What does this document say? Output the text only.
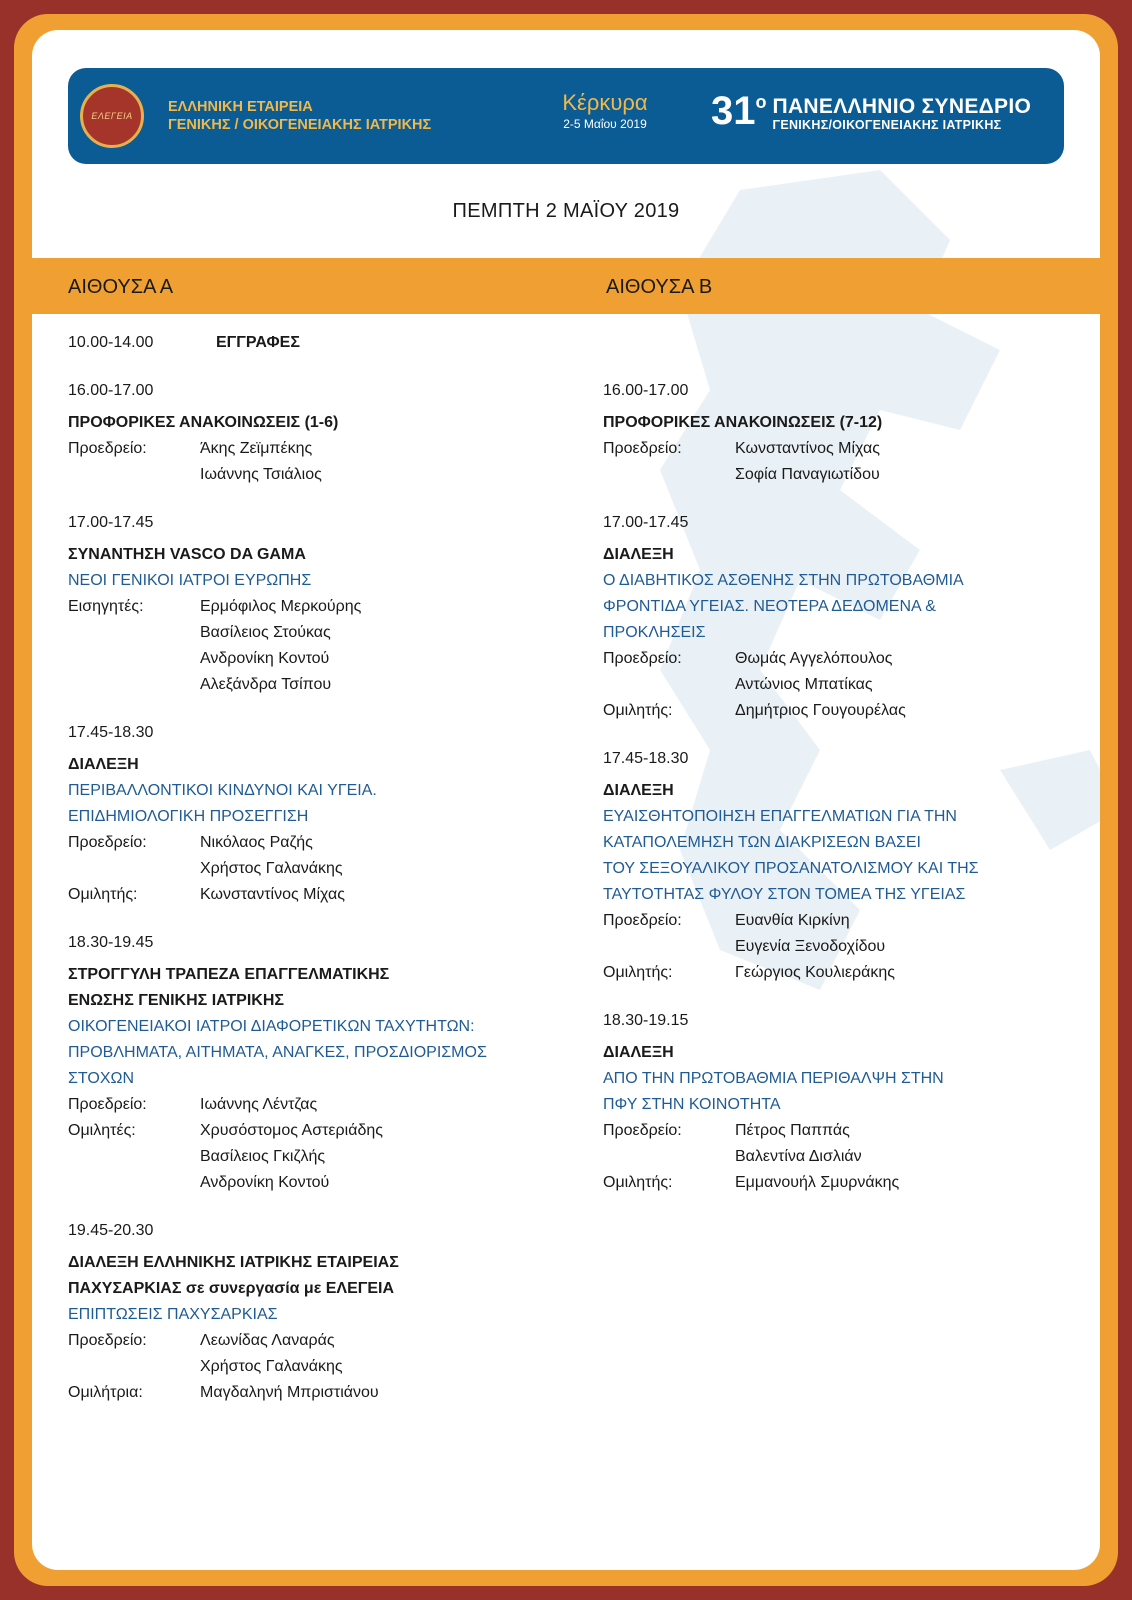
ΕΛΕΓΕΙΑ
ΕΛΛΗΝΙΚΗ ΕΤΑΙΡΕΙΑ
ΓΕΝΙΚΗΣ / ΟΙΚΟΓΕΝΕΙΑΚΗΣ ΙΑΤΡΙΚΗΣ
Κέρκυρα
2-5 Μαΐου 2019	31 ο ΠΑΝΕΛΛΗΝΙΟ ΣΥΝΕΔΡΙΟ
ΓΕΝΙΚΗΣ/ΟΙΚΟΓΕΝΕΙΑΚΗΣ ΙΑΤΡΙΚΗΣ
ΠΕΜΠΤΗ 2 ΜΑΪΟΥ 2019
ΑΙΘΟΥΣΑ Α	ΑΙΘΟΥΣΑ Β
10.00-14.00	ΕΓΓΡΑΦΕΣ
16.00-17.00
ΠΡΟΦΟΡΙΚΕΣ ΑΝΑΚΟΙΝΩΣΕΙΣ (1-6)
Προεδρείο:	Άκης Ζεϊμπέκης
Ιωάννης Τσιάλιος
17.00-17.45
ΣΥΝΑΝΤΗΣΗ VASCO DA GAMA
ΝΕΟΙ ΓΕΝΙΚΟΙ ΙΑΤΡΟΙ ΕΥΡΩΠΗΣ
Εισηγητές:	Ερμόφιλος Μερκούρης
Βασίλειος Στούκας
Ανδρονίκη Κοντού
Αλεξάνδρα Τσίπου
17.45-18.30
ΔΙΑΛΕΞΗ
ΠΕΡΙΒΑΛΛΟΝΤΙΚΟΙ ΚΙΝΔΥΝΟΙ ΚΑΙ ΥΓΕΙΑ.
ΕΠΙΔΗΜΙΟΛΟΓΙΚΗ ΠΡΟΣΕΓΓΙΣΗ
Προεδρείο:	Νικόλαος Ραζής
Χρήστος Γαλανάκης
Ομιλητής:	Κωνσταντίνος Μίχας
18.30-19.45
ΣΤΡΟΓΓΥΛΗ ΤΡΑΠΕΖΑ ΕΠΑΓΓΕΛΜΑΤΙΚΗΣ
ΕΝΩΣΗΣ ΓΕΝΙΚΗΣ ΙΑΤΡΙΚΗΣ
ΟΙΚΟΓΕΝΕΙΑΚΟΙ ΙΑΤΡΟΙ ΔΙΑΦΟΡΕΤΙΚΩΝ ΤΑΧΥΤΗΤΩΝ:
ΠΡΟΒΛΗΜΑΤΑ, ΑΙΤΗΜΑΤΑ, ΑΝΑΓΚΕΣ, ΠΡΟΣΔΙΟΡΙΣΜΟΣ
ΣΤΟΧΩΝ
Προεδρείο:	Ιωάννης Λέντζας
Ομιλητές:	Χρυσόστομος Αστεριάδης
Βασίλειος Γκιζλής
Ανδρονίκη Κοντού
19.45-20.30
ΔΙΑΛΕΞΗ ΕΛΛΗΝΙΚΗΣ ΙΑΤΡΙΚΗΣ ΕΤΑΙΡΕΙΑΣ
ΠΑΧΥΣΑΡΚΙΑΣ σε συνεργασία με ΕΛΕΓΕΙΑ
ΕΠΙΠΤΩΣΕΙΣ ΠΑΧΥΣΑΡΚΙΑΣ
Προεδρείο:	Λεωνίδας Λαναράς
Χρήστος Γαλανάκης
Ομιλήτρια:	Μαγδαληνή Μπριστιάνου
16.00-17.00
ΠΡΟΦΟΡΙΚΕΣ ΑΝΑΚΟΙΝΩΣΕΙΣ (7-12)
Προεδρείο:	Κωνσταντίνος Μίχας
Σοφία Παναγιωτίδου
17.00-17.45
ΔΙΑΛΕΞΗ
Ο ΔΙΑΒΗΤΙΚΟΣ ΑΣΘΕΝΗΣ ΣΤΗΝ ΠΡΩΤΟΒΑΘΜΙΑ
ΦΡΟΝΤΙΔΑ ΥΓΕΙΑΣ. ΝΕΟΤΕΡΑ ΔΕΔΟΜΕΝΑ &
ΠΡΟΚΛΗΣΕΙΣ
Προεδρείο:	Θωμάς Αγγελόπουλος
Αντώνιος Μπατίκας
Ομιλητής:	Δημήτριος Γουγουρέλας
17.45-18.30
ΔΙΑΛΕΞΗ
ΕΥΑΙΣΘΗΤΟΠΟΙΗΣΗ ΕΠΑΓΓΕΛΜΑΤΙΩΝ ΓΙΑ ΤΗΝ
ΚΑΤΑΠΟΛΕΜΗΣΗ ΤΩΝ ΔΙΑΚΡΙΣΕΩΝ ΒΑΣΕΙ
ΤΟΥ ΣΕΞΟΥΑΛΙΚΟΥ ΠΡΟΣΑΝΑΤΟΛΙΣΜΟΥ ΚΑΙ ΤΗΣ
ΤΑΥΤΟΤΗΤΑΣ ΦΥΛΟΥ ΣΤΟΝ ΤΟΜΕΑ ΤΗΣ ΥΓΕΙΑΣ
Προεδρείο:	Ευανθία Κιρκίνη
Ευγενία Ξενοδοχίδου
Ομιλητής:	Γεώργιος Κουλιεράκης
18.30-19.15
ΔΙΑΛΕΞΗ
ΑΠΟ ΤΗΝ ΠΡΩΤΟΒΑΘΜΙΑ ΠΕΡΙΘΑΛΨΗ ΣΤΗΝ
ΠΦΥ ΣΤΗΝ ΚΟΙΝΟΤΗΤΑ
Προεδρείο:	Πέτρος Παππάς
Βαλεντίνα Δισλιάν
Ομιλητής:	Εμμανουήλ Σμυρνάκης
